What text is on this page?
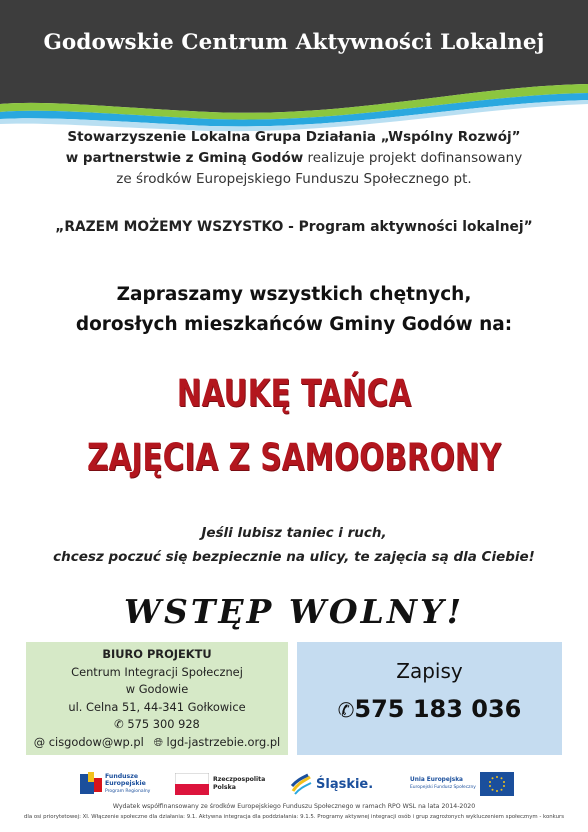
Godowskie Centrum Aktywności Lokalnej
Stowarzyszenie Lokalna Grupa Działania „Wspólny Rozwój”
w partnerstwie z Gminą Godów realizuje projekt dofinansowany
ze środków Europejskiego Funduszu Społecznego pt.
„RAZEM MOŻEMY WSZYSTKO - Program aktywności lokalnej”
Zapraszamy wszystkich chętnych,
dorosłych mieszkańców Gminy Godów na:
NAUKĘ TAŃCA
ZAJĘCIA Z SAMOOBRONY
Jeśli lubisz taniec i ruch,
chcesz poczuć się bezpiecznie na ulicy, te zajęcia są dla Ciebie!
WSTĘP WOLNY!
BIURO PROJEKTU
Centrum Integracji Społecznej
w Godowie
ul. Celna 51, 44-341 Gołkowice
✆ 575 300 928
@ cisgodow@wp.pl 🌐︎ lgd-jastrzebie.org.pl
Zapisy
✆575 183 036
Fundusze
Europejskie
Program Regionalny
Rzeczpospolita
Polska	Śląskie.	Unia Europejska
Europejski Fundusz Społeczny
Wydatek współfinansowany ze środków Europejskiego Funduszu Społecznego w ramach RPO WSL na lata 2014-2020
dla osi priorytetowej: XI. Włączenie społeczne dla działania: 9.1. Aktywna integracja dla poddziałania: 9.1.5. Programy aktywnej integracji osób i grup zagrożonych wykluczeniem społecznym - konkurs
